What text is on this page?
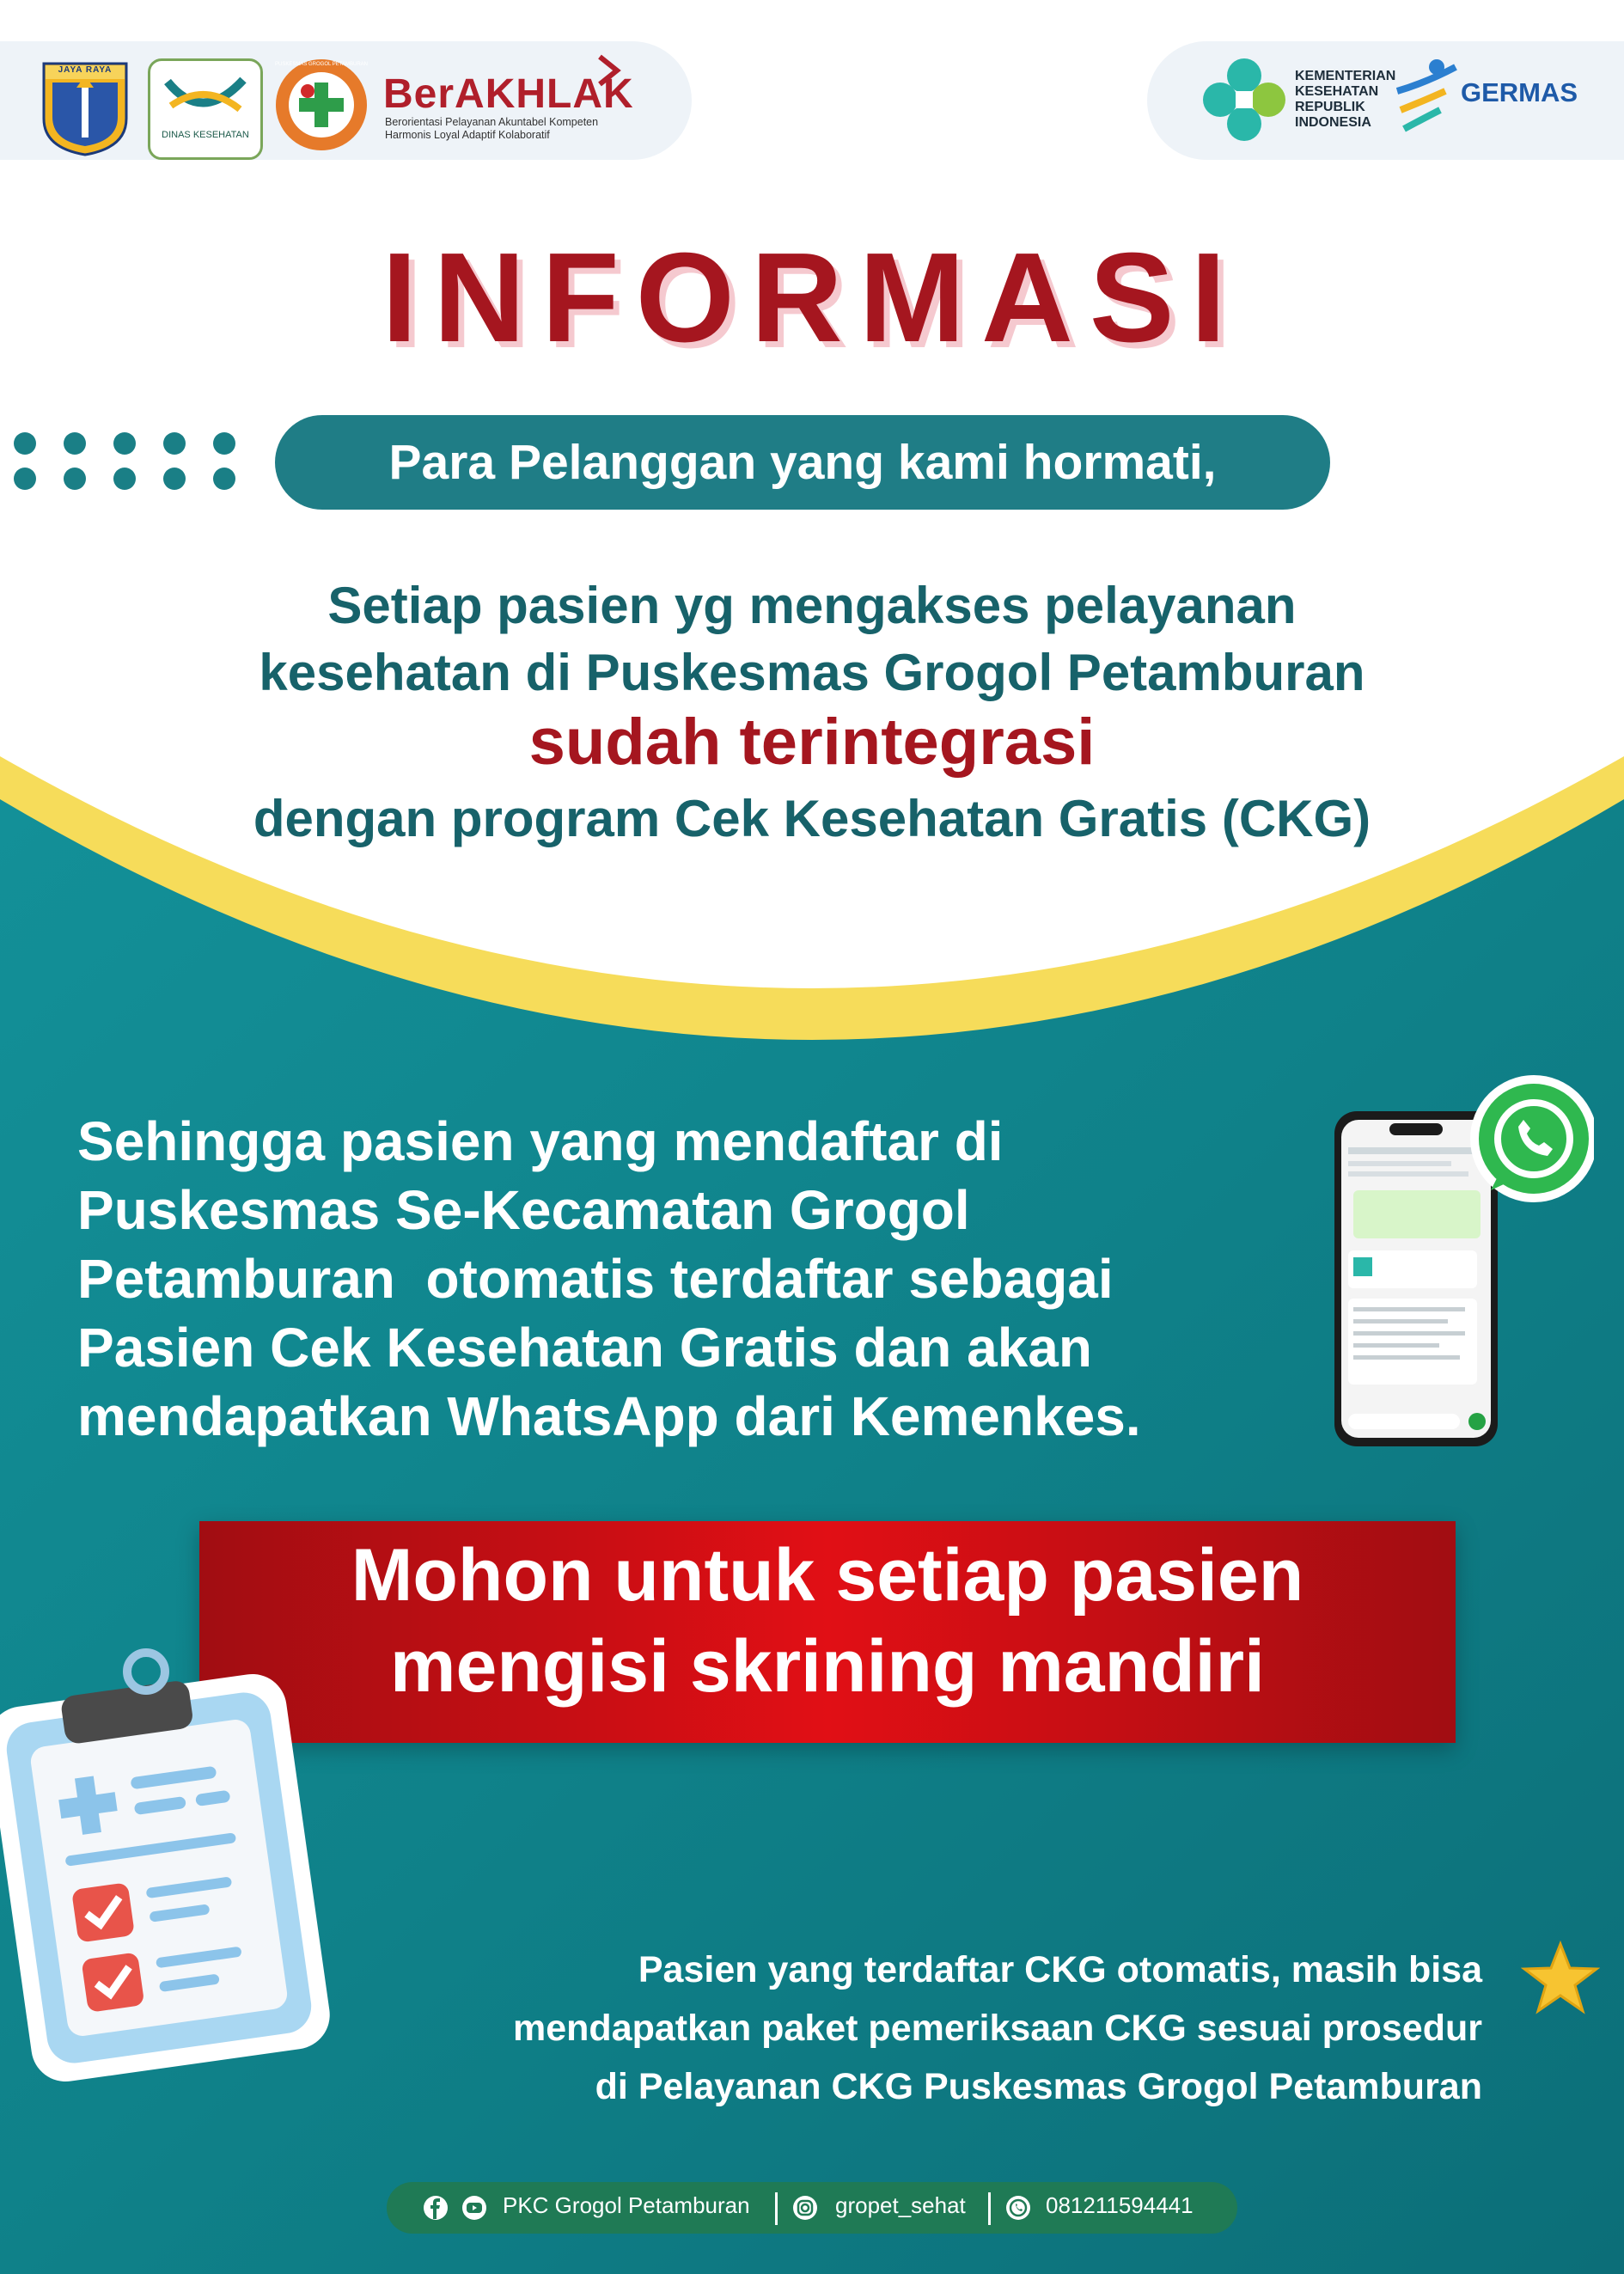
JAYA RAYA
DINAS KESEHATAN
PUSKESMAS GROGOL PETAMBURAN
BerAKHLAK
Berorientasi Pelayanan Akuntabel Kompeten
Harmonis Loyal Adaptif Kolaboratif
KEMENTERIAN
KESEHATAN
REPUBLIK
INDONESIA
GERMAS
INFORMASI
Para Pelanggan yang kami hormati,
Setiap pasien yg mengakses pelayanan
kesehatan di Puskesmas Grogol Petamburan
sudah terintegrasi
dengan program Cek Kesehatan Gratis (CKG)
Sehingga pasien yang mendaftar di
Puskesmas Se-Kecamatan Grogol
Petamburan  otomatis terdaftar sebagai
Pasien Cek Kesehatan Gratis dan akan
mendapatkan WhatsApp dari Kemenkes.
Mohon untuk setiap pasien
mengisi skrining mandiri
Pasien yang terdaftar CKG otomatis, masih bisa
mendapatkan paket pemeriksaan CKG sesuai prosedur
di Pelayanan CKG Puskesmas Grogol Petamburan
PKC Grogol Petamburan	gropet_sehat	081211594441
